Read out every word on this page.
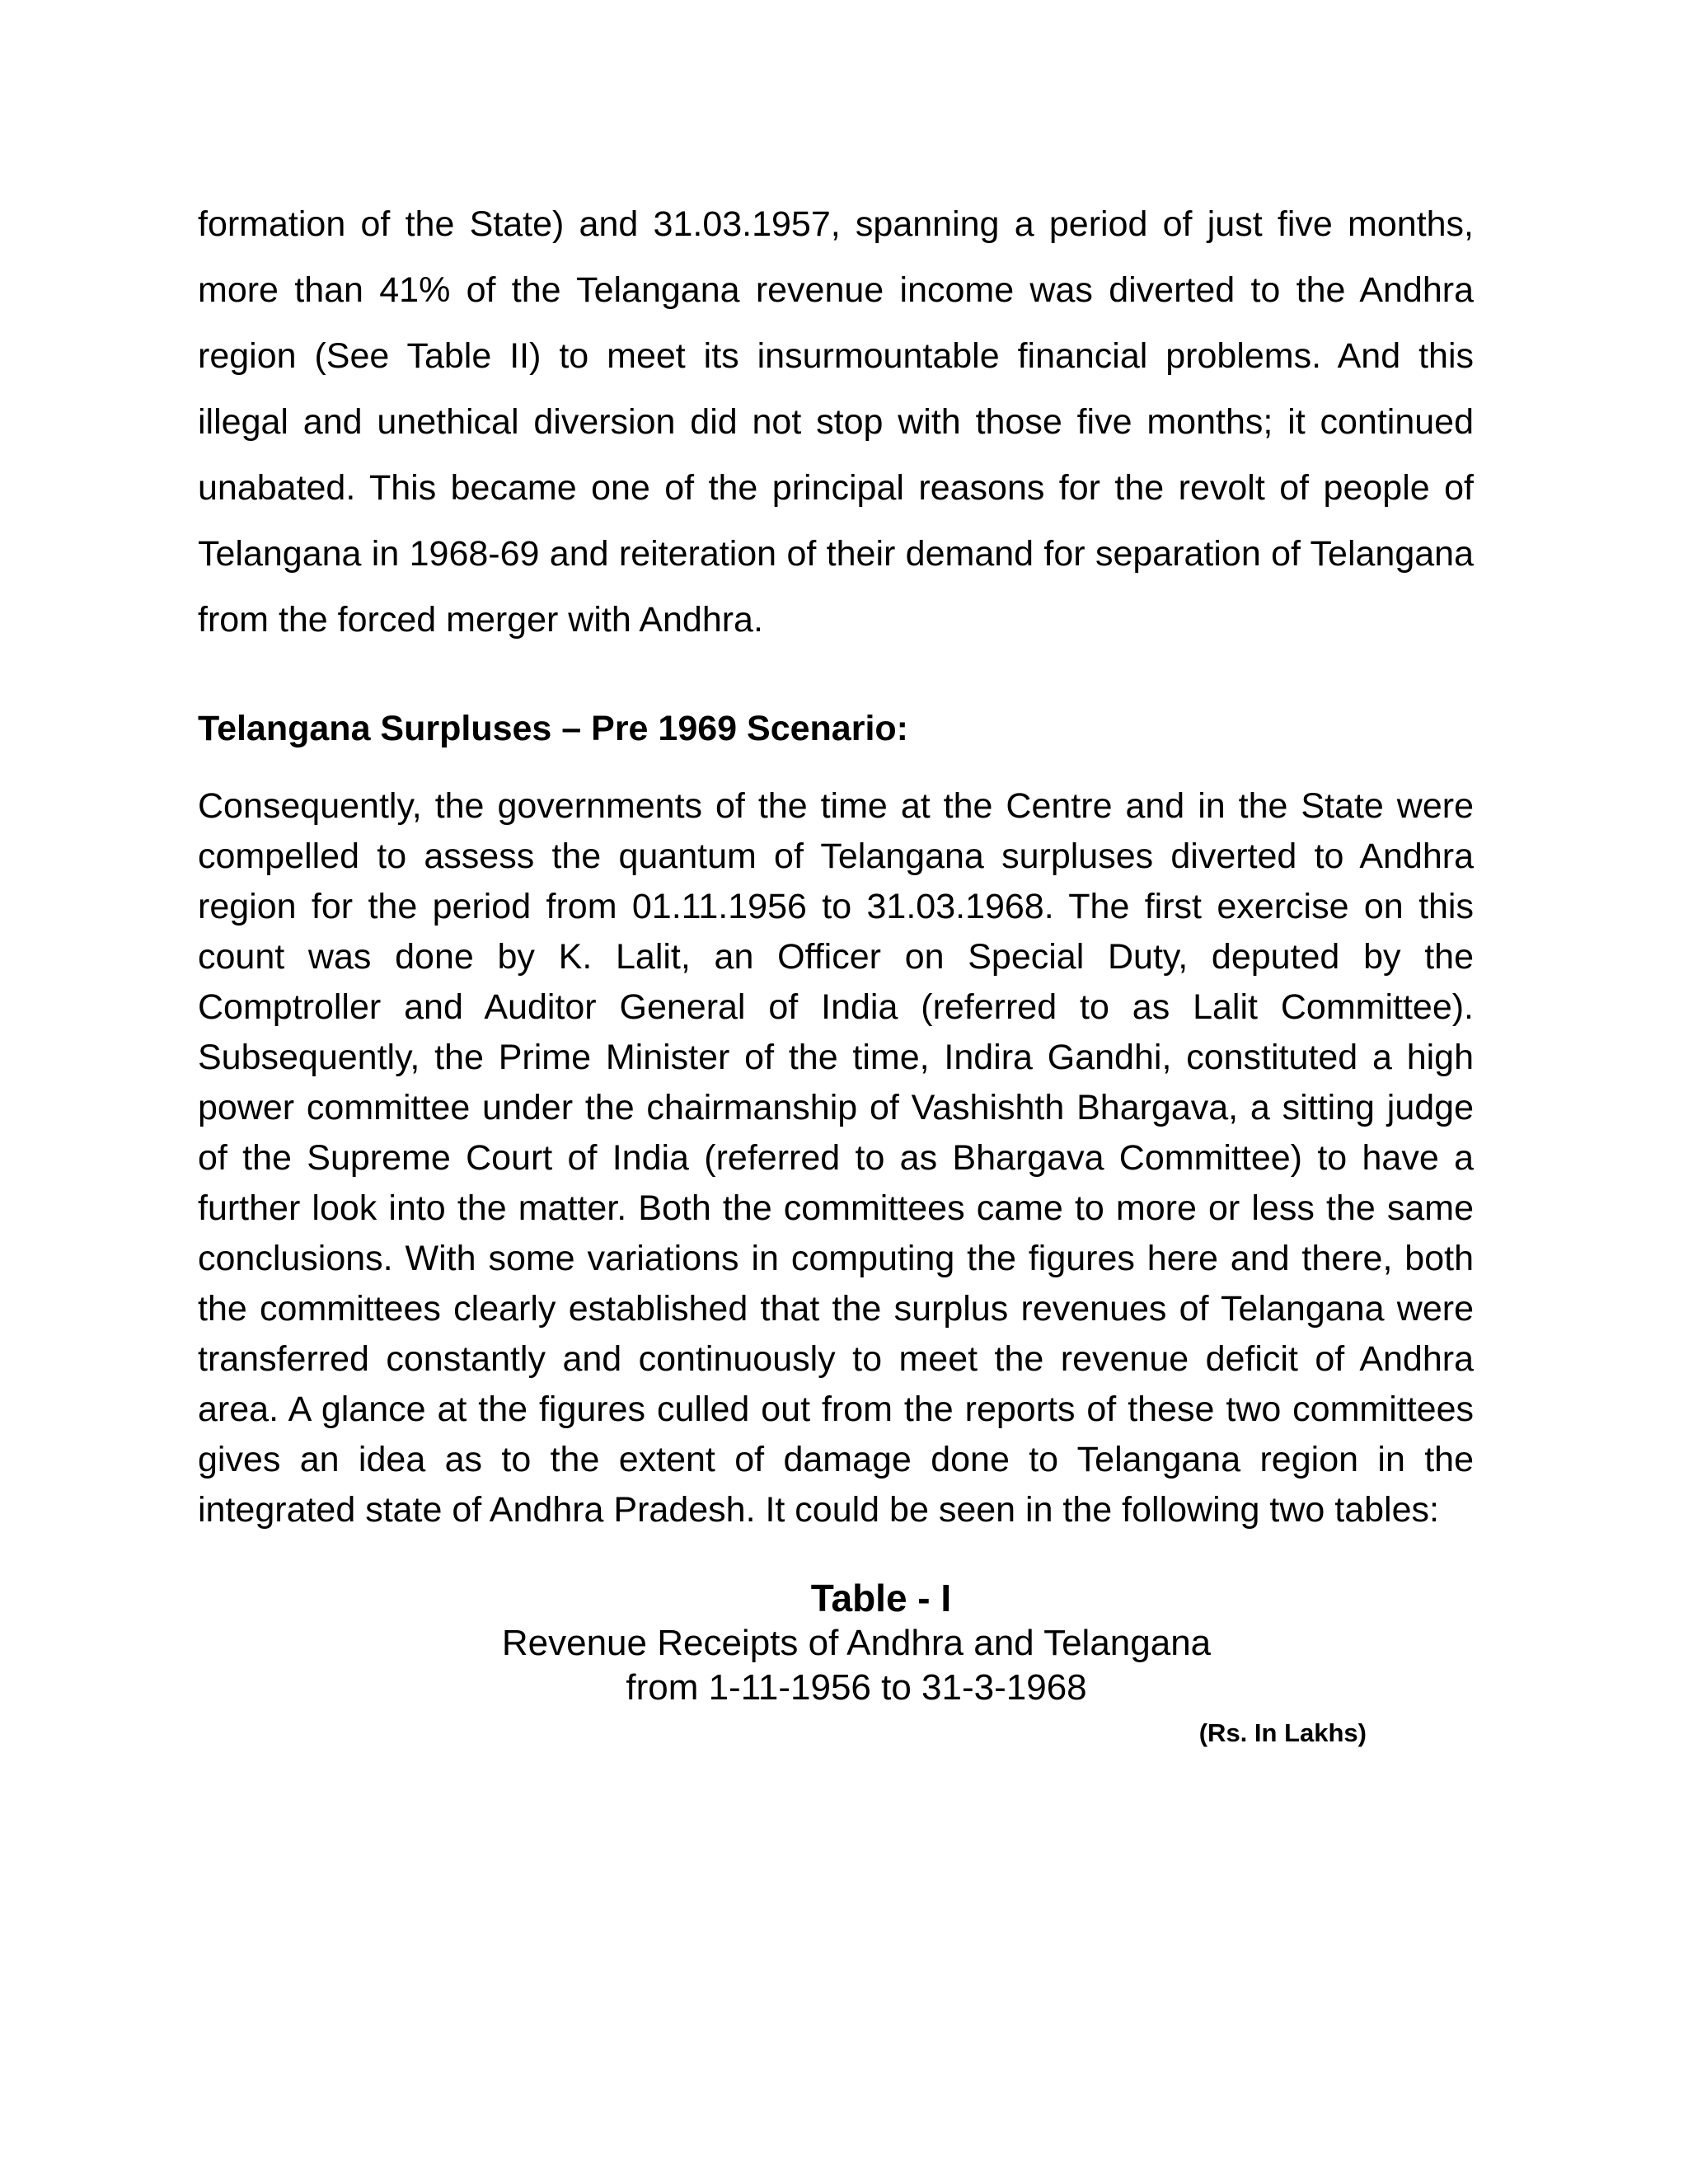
formation of the State) and 31.03.1957, spanning a period of just five months, more than 41% of the Telangana revenue income was diverted to the Andhra region (See Table II) to meet its insurmountable financial problems. And this illegal and unethical diversion did not stop with those five months; it continued unabated. This became one of the principal reasons for the revolt of people of Telangana in 1968-69 and reiteration of their demand for separation of Telangana from the forced merger with Andhra.

Telangana Surpluses – Pre 1969 Scenario:

Consequently, the governments of the time at the Centre and in the State were compelled to assess the quantum of Telangana surpluses diverted to Andhra region for the period from 01.11.1956 to 31.03.1968. The first exercise on this count was done by K. Lalit, an Officer on Special Duty, deputed by the Comptroller and Auditor General of India (referred to as Lalit Committee). Subsequently, the Prime Minister of the time, Indira Gandhi, constituted a high power committee under the chairmanship of Vashishth Bhargava, a sitting judge of the Supreme Court of India (referred to as Bhargava Committee) to have a further look into the matter. Both the committees came to more or less the same conclusions. With some variations in computing the figures here and there, both the committees clearly established that the surplus revenues of Telangana were transferred constantly and continuously to meet the revenue deficit of Andhra area. A glance at the figures culled out from the reports of these two committees gives an idea as to the extent of damage done to Telangana region in the integrated state of Andhra Pradesh. It could be seen in the following two tables:

Table - I
Revenue Receipts of Andhra and Telangana
from 1-11-1956 to 31-3-1968
(Rs. In Lakhs)
